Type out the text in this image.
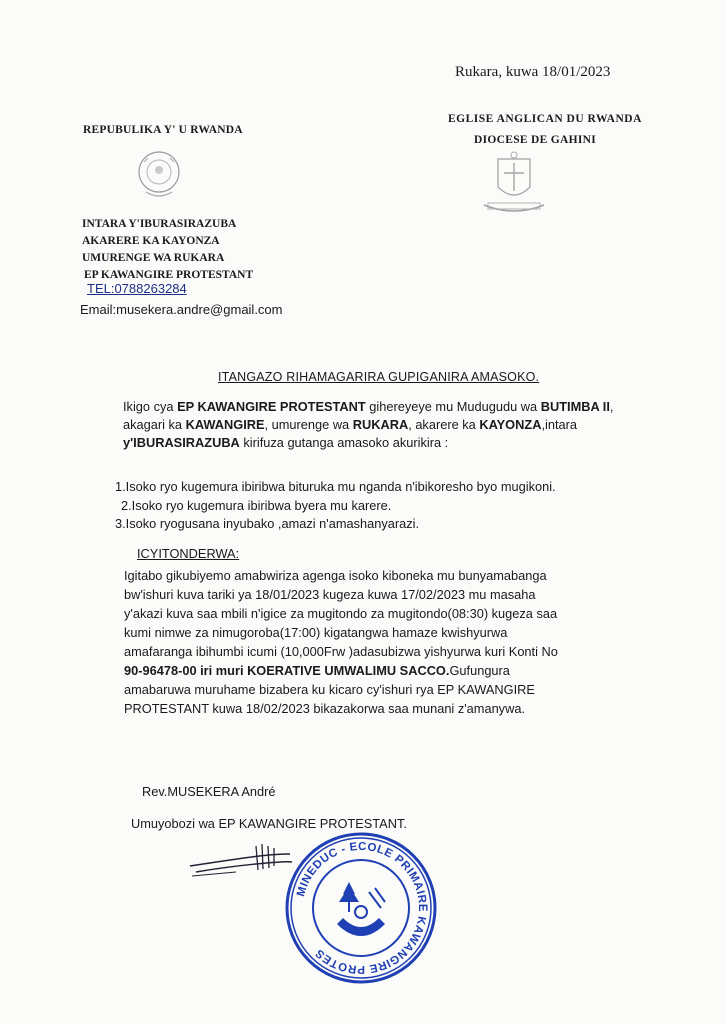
Rukara, kuwa 18/01/2023
REPUBULIKA Y' U RWANDA
EGLISE ANGLICAN DU RWANDA
DIOCESE DE GAHINI
INTARA Y'IBURASIRAZUBA
AKARERE KA KAYONZA
UMURENGE WA RUKARA
EP KAWANGIRE PROTESTANT
TEL:0788263284
Email:musekera.andre@gmail.com
ITANGAZO RIHAMAGARIRA GUPIGANIRA AMASOKO.
Ikigo cya EP KAWANGIRE PROTESTANT gihereyeye mu Mudugudu wa BUTIMBA II, akagari ka KAWANGIRE, umurenge wa RUKARA, akarere ka KAYONZA,intara y'IBURASIRAZUBA kirifuza gutanga amasoko akurikira :
1.Isoko ryo kugemura ibiribwa bituruka mu nganda n'ibikoresho byo mugikoni.
2.Isoko ryo kugemura ibiribwa byera mu karere.
3.Isoko ryogusana inyubako ,amazi n'amashanyarazi.
ICYITONDERWA:
Igitabo gikubiyemo amabwiriza agenga isoko kiboneka mu bunyamabanga
bw'ishuri kuva tariki ya 18/01/2023 kugeza kuwa 17/02/2023 mu masaha
y'akazi kuva saa mbili n'igice za mugitondo za mugitondo(08:30) kugeza saa
kumi nimwe za nimugoroba(17:00) kigatangwa hamaze kwishyurwa
amafaranga ibihumbi icumi (10,000Frw )adasubizwa yishyurwa kuri Konti No
90-96478-00 iri muri KOERATIVE UMWALIMU SACCO.Gufungura
amabaruwa muruhame bizabera ku kicaro cy'ishuri rya EP KAWANGIRE
PROTESTANT kuwa 18/02/2023 bikazakorwa saa munani z'amanywa.
Rev.MUSEKERA André
Umuyobozi wa EP KAWANGIRE PROTESTANT.
MINEDUC - ECOLE PRIMAIRE KAWANGIRE PROTES
